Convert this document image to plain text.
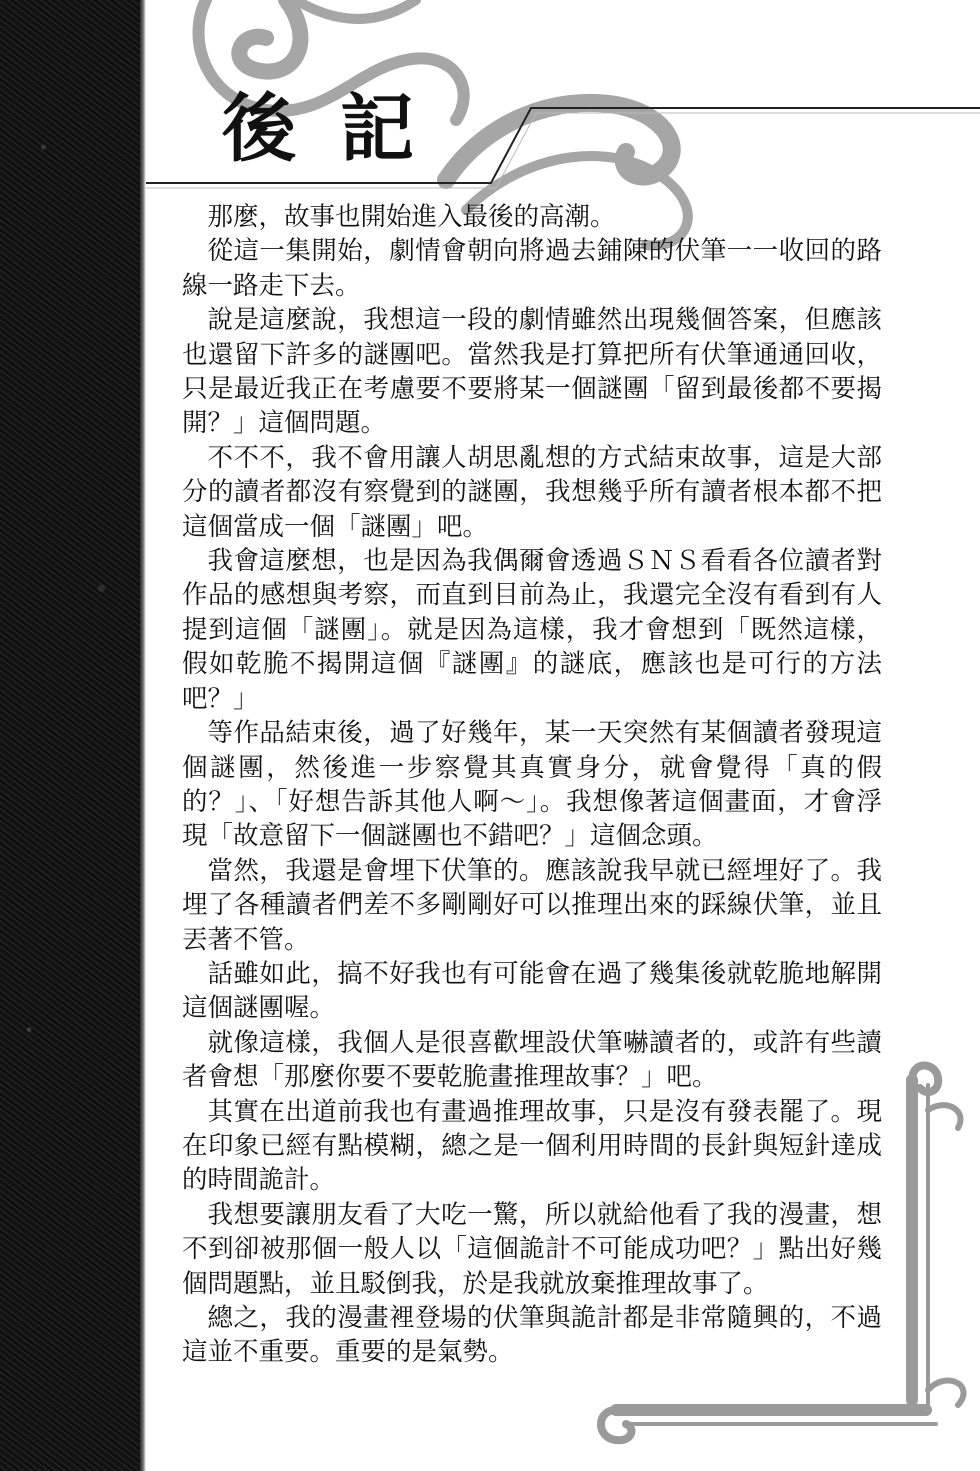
後記

那麼，故事也開始進入最後的高潮。

從這一集開始，劇情會朝向將過去鋪陳的伏筆一一收回的路線一路走下去。

說是這麼說，我想這一段的劇情雖然出現幾個答案，但應該也還留下許多的謎團吧。當然我是打算把所有伏筆通通回收，只是最近我正在考慮要不要將某一個謎團「留到最後都不要揭開？」這個問題。

不不不，我不會用讓人胡思亂想的方式結束故事，這是大部分的讀者都沒有察覺到的謎團，我想幾乎所有讀者根本都不把這個當成一個「謎團」吧。

我會這麼想，也是因為我偶爾會透過ＳＮＳ看看各位讀者對作品的感想與考察，而直到目前為止，我還完全沒有看到有人提到這個「謎團」。就是因為這樣，我才會想到「既然這樣，假如乾脆不揭開這個『謎團』的謎底，應該也是可行的方法吧？」

等作品結束後，過了好幾年，某一天突然有某個讀者發現這個謎團，然後進一步察覺其真實身分，就會覺得「真的假的？」、「好想告訴其他人啊～」。我想像著這個畫面，才會浮現「故意留下一個謎團也不錯吧？」這個念頭。

當然，我還是會埋下伏筆的。應該說我早就已經埋好了。我埋了各種讀者們差不多剛剛好可以推理出來的踩線伏筆，並且丟著不管。

話雖如此，搞不好我也有可能會在過了幾集後就乾脆地解開這個謎團喔。

就像這樣，我個人是很喜歡埋設伏筆嚇讀者的，或許有些讀者會想「那麼你要不要乾脆畫推理故事？」吧。

其實在出道前我也有畫過推理故事，只是沒有發表罷了。現在印象已經有點模糊，總之是一個利用時間的長針與短針達成的時間詭計。

我想要讓朋友看了大吃一驚，所以就給他看了我的漫畫，想不到卻被那個一般人以「這個詭計不可能成功吧？」點出好幾個問題點，並且駁倒我，於是我就放棄推理故事了。

總之，我的漫畫裡登場的伏筆與詭計都是非常隨興的，不過這並不重要。重要的是氣勢。
